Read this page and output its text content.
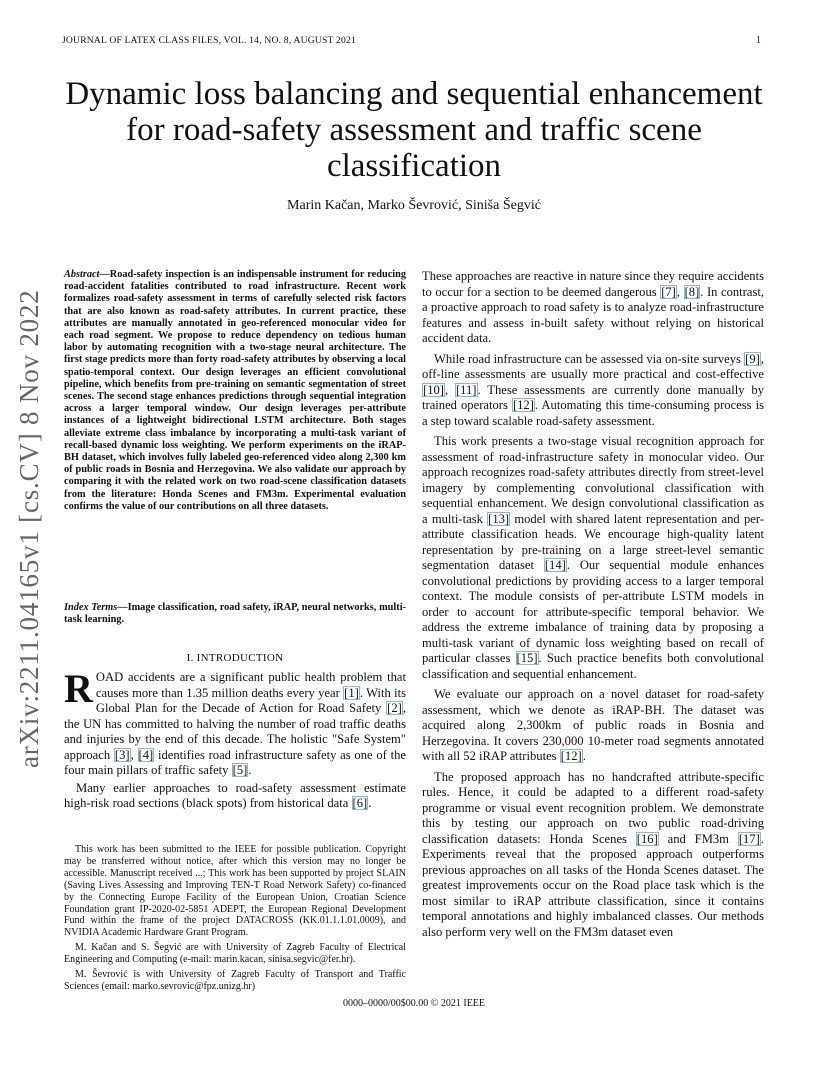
JOURNAL OF LATEX CLASS FILES, VOL. 14, NO. 8, AUGUST 2021	1
Dynamic loss balancing and sequential enhancement for road-safety assessment and traffic scene classification
Marin Kačan, Marko Ševrović, Siniša Šegvić
arXiv:2211.04165v1 [cs.CV] 8 Nov 2022
Abstract—Road-safety inspection is an indispensable instrument for reducing road-accident fatalities contributed to road infrastructure. Recent work formalizes road-safety assessment in terms of carefully selected risk factors that are also known as road-safety attributes. In current practice, these attributes are manually annotated in geo-referenced monocular video for each road segment. We propose to reduce dependency on tedious human labor by automating recognition with a two-stage neural architecture. The first stage predicts more than forty road-safety attributes by observing a local spatio-temporal context. Our design leverages an efficient convolutional pipeline, which benefits from pre-training on semantic segmentation of street scenes. The second stage enhances predictions through sequential integration across a larger temporal window. Our design leverages per-attribute instances of a lightweight bidirectional LSTM architecture. Both stages alleviate extreme class imbalance by incorporating a multi-task variant of recall-based dynamic loss weighting. We perform experiments on the iRAP-BH dataset, which involves fully labeled geo-referenced video along 2,300 km of public roads in Bosnia and Herzegovina. We also validate our approach by comparing it with the related work on two road-scene classification datasets from the literature: Honda Scenes and FM3m. Experimental evaluation confirms the value of our contributions on all three datasets.
Index Terms—Image classification, road safety, iRAP, neural networks, multi-task learning.
I. INTRODUCTION

ROAD accidents are a significant public health problem that causes more than 1.35 million deaths every year [1]. With its Global Plan for the Decade of Action for Road Safety [2], the UN has committed to halving the number of road traffic deaths and injuries by the end of this decade. The holistic "Safe System" approach [3], [4] identifies road infrastructure safety as one of the four main pillars of traffic safety [5].

Many earlier approaches to road-safety assessment estimate high-risk road sections (black spots) from historical data [6].

This work has been submitted to the IEEE for possible publication. Copyright may be transferred without notice, after which this version may no longer be accessible. Manuscript received ...; This work has been supported by project SLAIN (Saving Lives Assessing and Improving TEN-T Road Network Safety) co-financed by the Connecting Europe Facility of the European Union, Croatian Science Foundation grant IP-2020-02-5851 ADEPT, the European Regional Development Fund within the frame of the project DATACROSS (KK.01.1.1.01.0009), and NVIDIA Academic Hardware Grant Program.

M. Kačan and S. Šegvić are with University of Zagreb Faculty of Electrical Engineering and Computing (e-mail: marin.kacan, sinisa.segvic@fer.hr).

M. Ševrović is with University of Zagreb Faculty of Transport and Traffic Sciences (email: marko.sevrovic@fpz.unizg.hr)

These approaches are reactive in nature since they require accidents to occur for a section to be deemed dangerous [7], [8]. In contrast, a proactive approach to road safety is to analyze road-infrastructure features and assess in-built safety without relying on historical accident data.

While road infrastructure can be assessed via on-site surveys [9], off-line assessments are usually more practical and cost-effective [10], [11]. These assessments are currently done manually by trained operators [12]. Automating this time-consuming process is a step toward scalable road-safety assessment.

This work presents a two-stage visual recognition approach for assessment of road-infrastructure safety in monocular video. Our approach recognizes road-safety attributes directly from street-level imagery by complementing convolutional classification with sequential enhancement. We design convolutional classification as a multi-task [13] model with shared latent representation and per-attribute classification heads. We encourage high-quality latent representation by pre-training on a large street-level semantic segmentation dataset [14]. Our sequential module enhances convolutional predictions by providing access to a larger temporal context. The module consists of per-attribute LSTM models in order to account for attribute-specific temporal behavior. We address the extreme imbalance of training data by proposing a multi-task variant of dynamic loss weighting based on recall of particular classes [15]. Such practice benefits both convolutional classification and sequential enhancement.

We evaluate our approach on a novel dataset for road-safety assessment, which we denote as iRAP-BH. The dataset was acquired along 2,300km of public roads in Bosnia and Herzegovina. It covers 230,000 10-meter road segments annotated with all 52 iRAP attributes [12].

The proposed approach has no handcrafted attribute-specific rules. Hence, it could be adapted to a different road-safety programme or visual event recognition problem. We demonstrate this by testing our approach on two public road-driving classification datasets: Honda Scenes [16] and FM3m [17]. Experiments reveal that the proposed approach outperforms previous approaches on all tasks of the Honda Scenes dataset. The greatest improvements occur on the Road place task which is the most similar to iRAP attribute classification, since it contains temporal annotations and highly imbalanced classes. Our methods also perform very well on the FM3m dataset even

0000–0000/00$00.00 © 2021 IEEE
